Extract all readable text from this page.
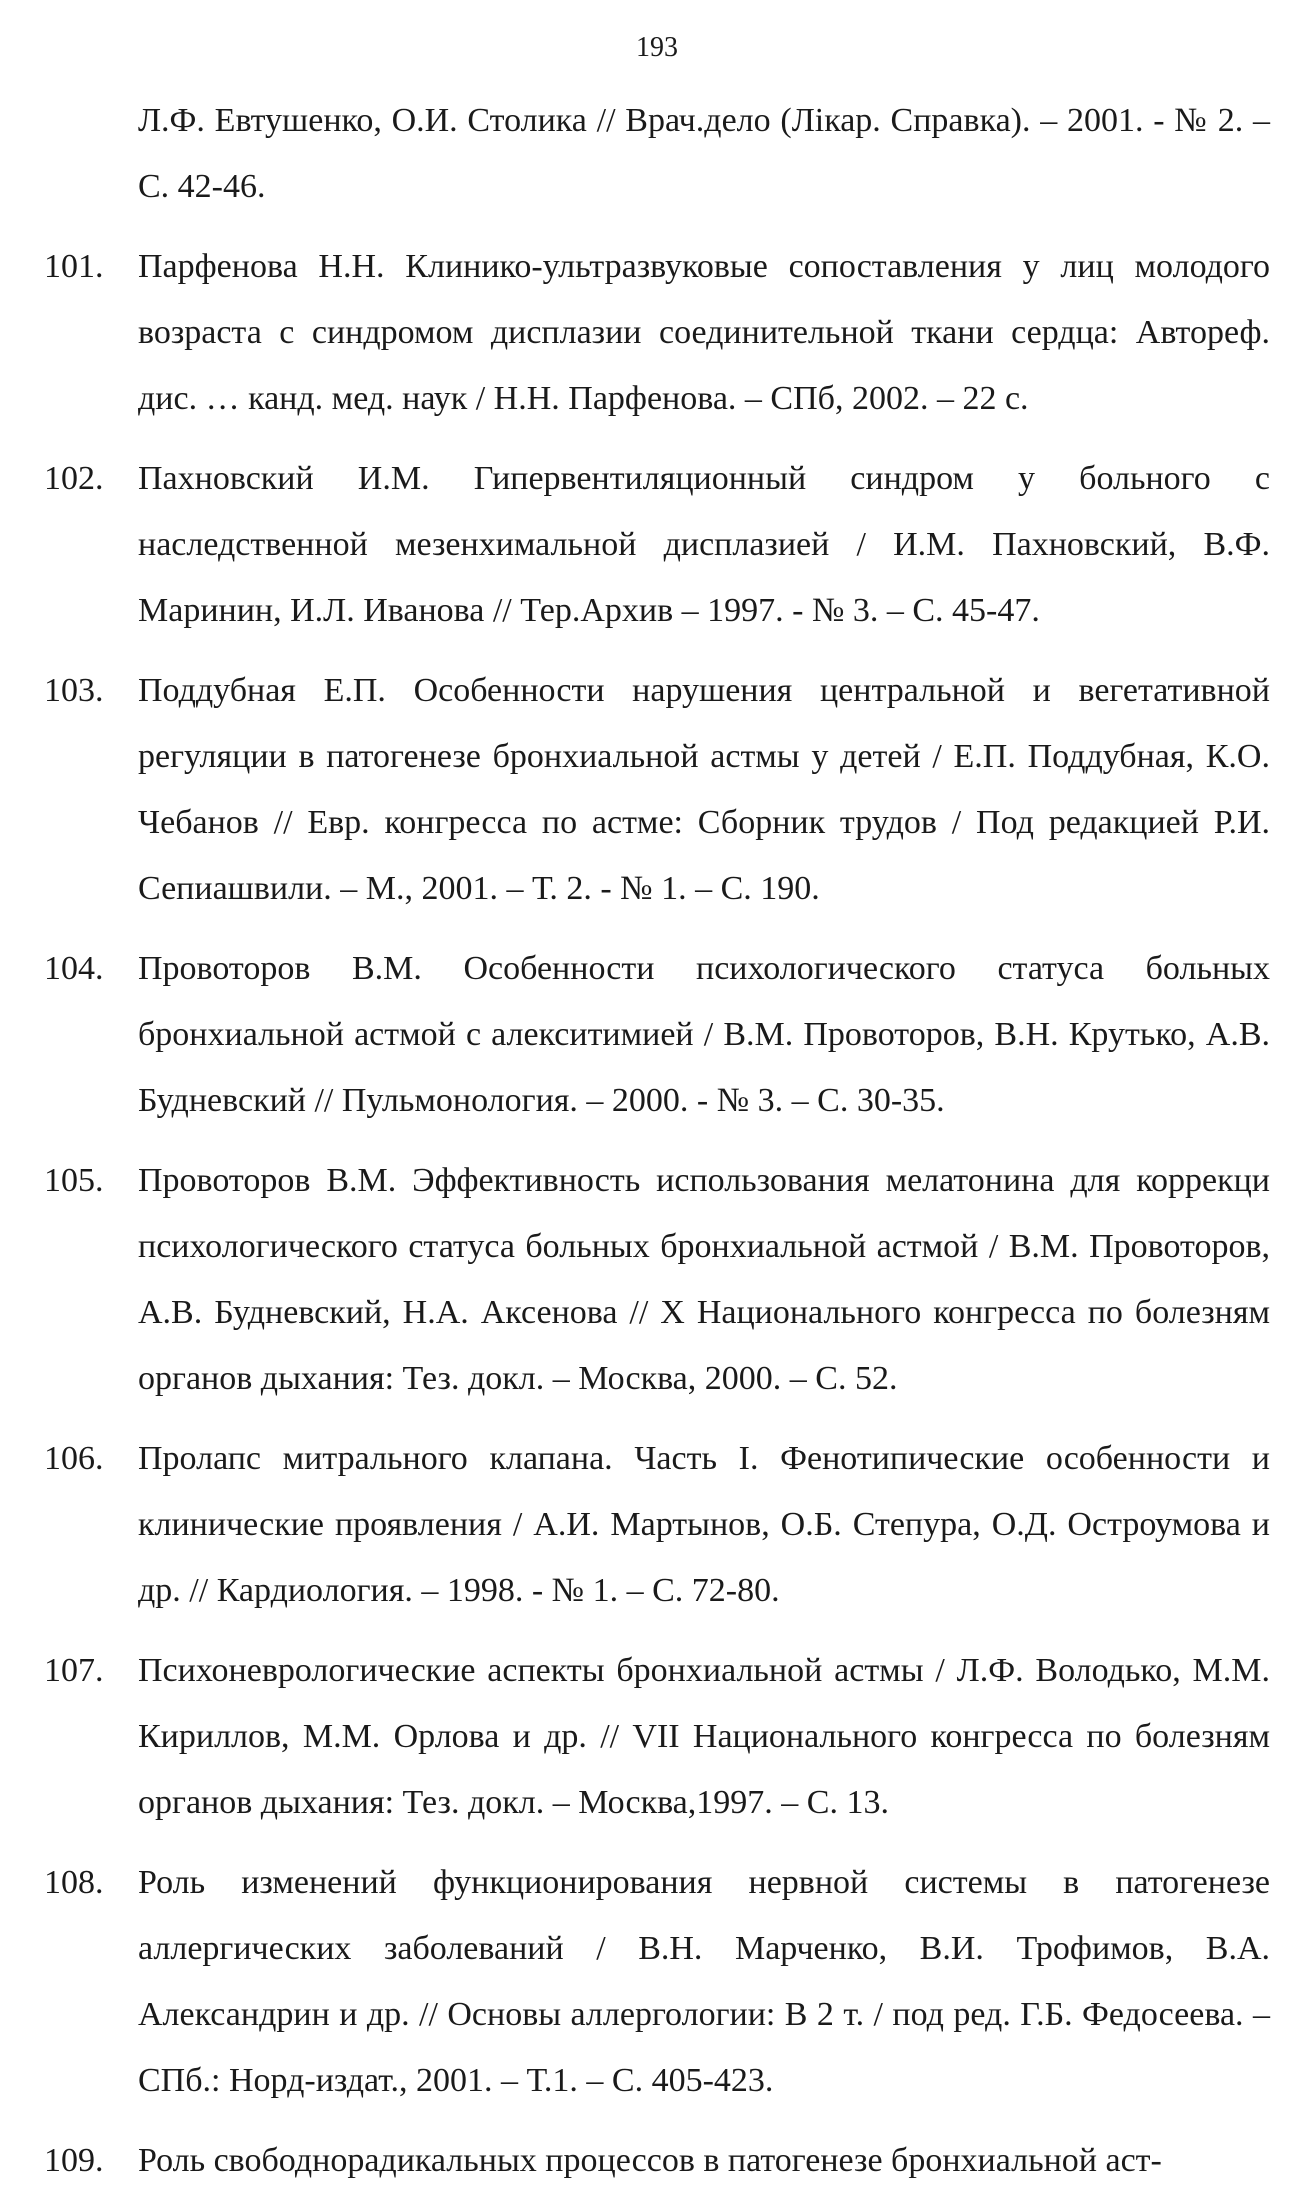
193
Л.Ф. Евтушенко, О.И. Столика // Врач.дело (Лікар. Справка). – 2001. - № 2. – С. 42-46.
101.	Парфенова Н.Н. Клинико-ультразвуковые сопоставления у лиц молодого возраста с синдромом дисплазии соединительной ткани сердца: Автореф. дис. … канд. мед. наук / Н.Н. Парфенова. – СПб, 2002. – 22 с.
102.	Пахновский И.М. Гипервентиляционный синдром у больного с наследственной мезенхимальной дисплазией / И.М. Пахновский, В.Ф. Маринин, И.Л. Иванова // Тер.Архив – 1997. - № 3. – С. 45-47.
103.	Поддубная Е.П. Особенности нарушения центральной и вегетативной регуляции в патогенезе бронхиальной астмы у детей / Е.П. Поддубная, К.О. Чебанов // Евр. конгресса по астме: Сборник трудов / Под редакцией Р.И. Сепиашвили. – М., 2001. – Т. 2. - № 1. – С. 190.
104.	Провоторов В.М. Особенности психологического статуса больных бронхиальной астмой с алекситимией / В.М. Провоторов, В.Н. Крутько, А.В. Будневский // Пульмонология. – 2000. - № 3. – С. 30-35.
105.	Провоторов В.М. Эффективность использования мелатонина для коррекци психологического статуса больных бронхиальной астмой / В.М. Провоторов, А.В. Будневский, Н.А. Аксенова // Х Национального конгресса по болезням органов дыхания: Тез. докл. – Москва, 2000. – С. 52.
106.	Пролапс митрального клапана. Часть I. Фенотипические особенности и клинические проявления / А.И. Мартынов, О.Б. Степура, О.Д. Остроумова и др. // Кардиология. – 1998. - № 1. – С. 72-80.
107.	Психоневрологические аспекты бронхиальной астмы / Л.Ф. Володько, М.М. Кириллов, М.М. Орлова и др. // VII Национального конгресса по болезням органов дыхания: Тез. докл. – Москва,1997. – С. 13.
108.	Роль изменений функционирования нервной системы в патогенезе аллергических заболеваний / В.Н. Марченко, В.И. Трофимов, В.А. Александрин и др. // Основы аллергологии: В 2 т. / под ред. Г.Б. Федосеева. – СПб.: Норд-издат., 2001. – Т.1. – С. 405-423.
109.	Роль свободнорадикальных процессов в патогенезе бронхиальной аст-
